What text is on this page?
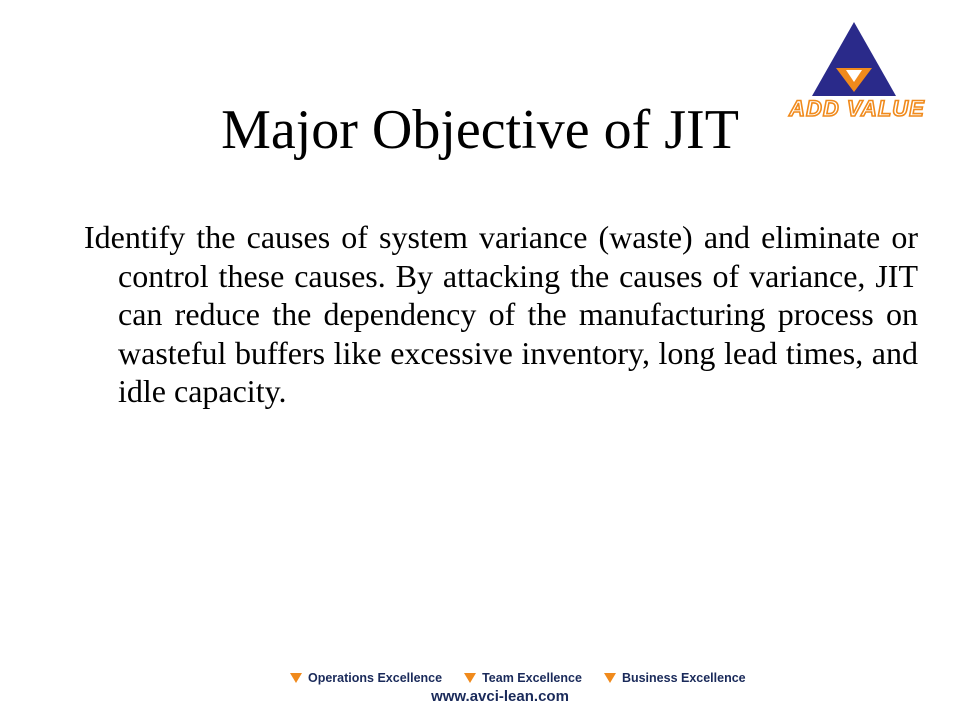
ADD VALUE
Major Objective of JIT

Identify the causes of system variance (waste) and eliminate or control these causes. By attacking the causes of variance, JIT can reduce the dependency of the manufacturing process on wasteful buffers like excessive inventory, long lead times, and idle capacity.

Operations Excellence	Team Excellence	Business Excellence
www.avci-lean.com
